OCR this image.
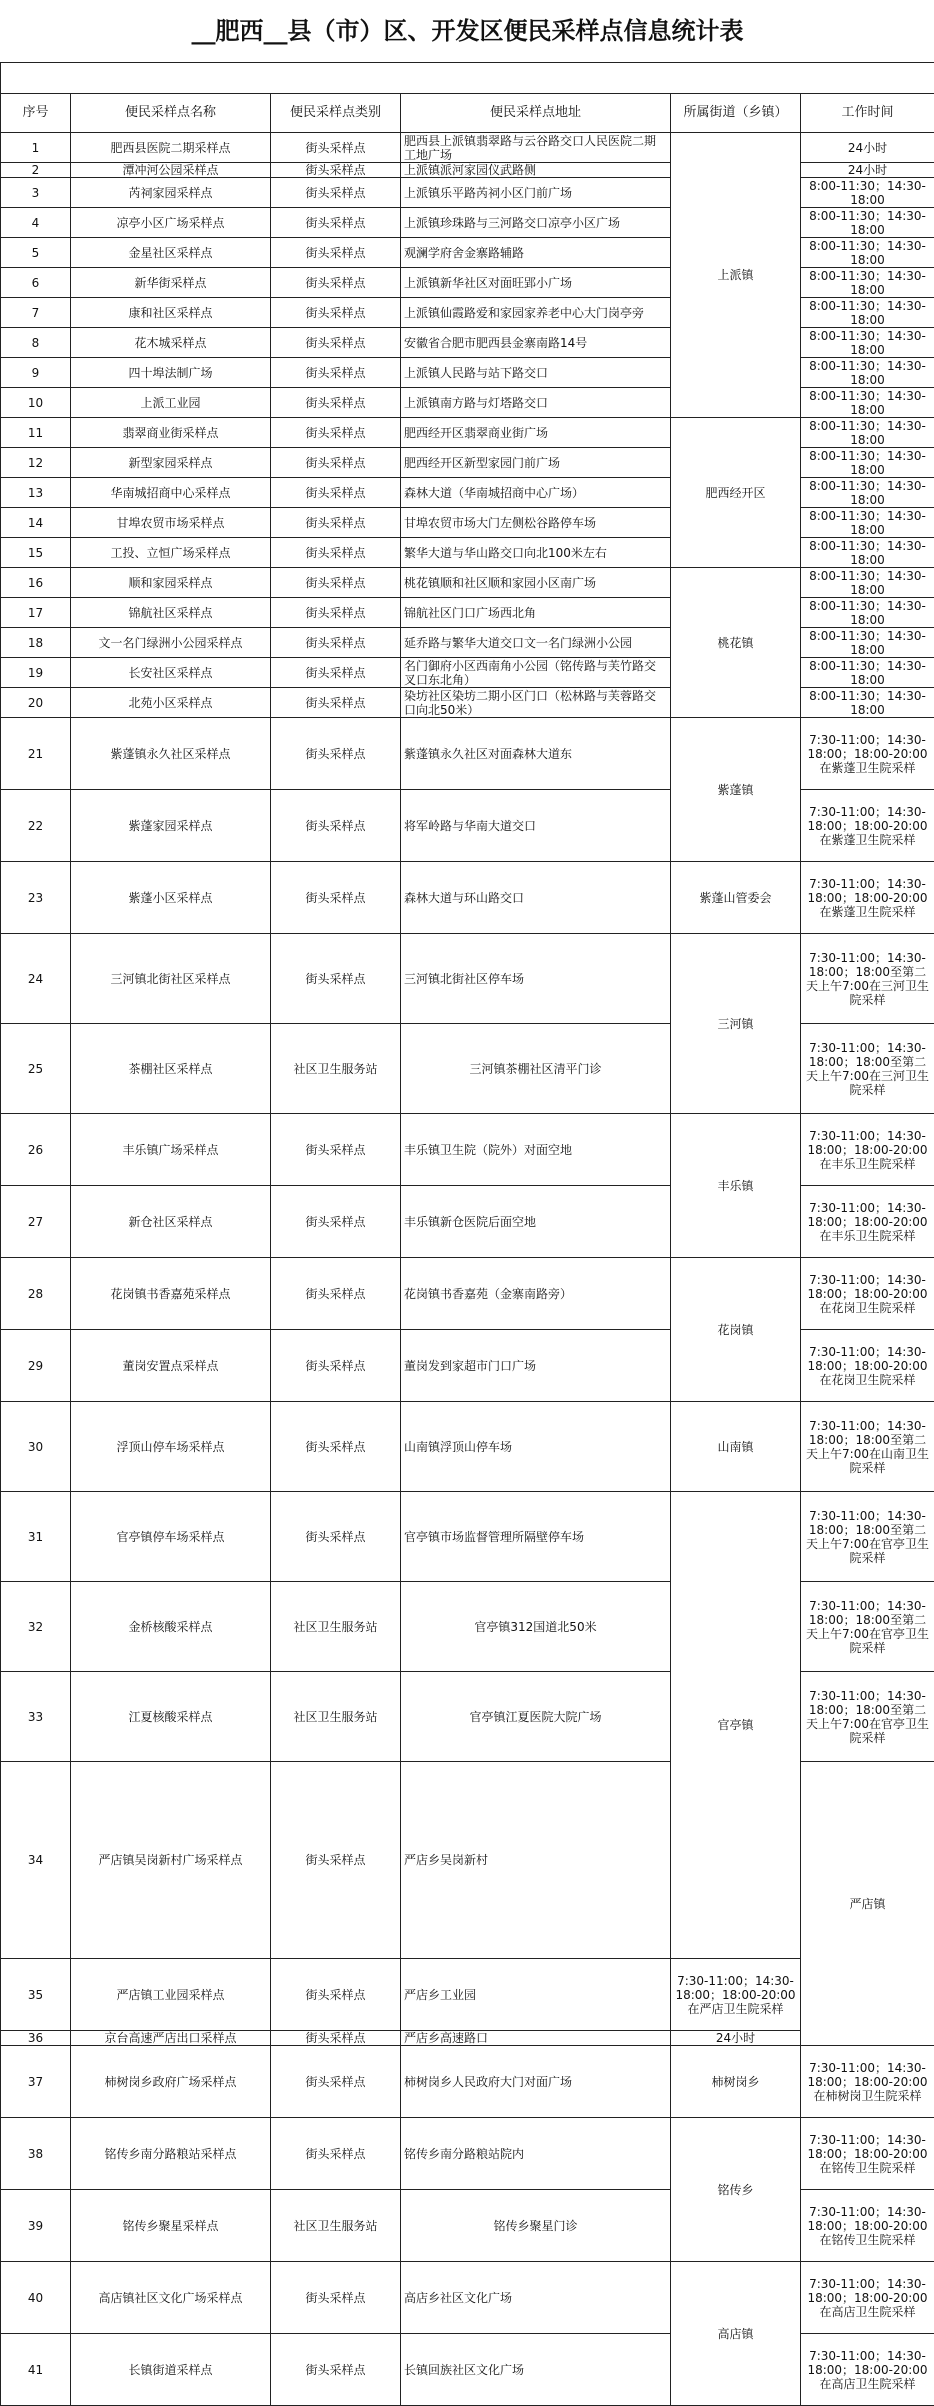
__肥西__县（市）区、开发区便民采样点信息统计表						

序号	便民采样点名称	便民采样点类别	便民采样点地址	所属街道（乡镇）	工作时间	
1	肥西县医院二期采样点	街头采样点	肥西县上派镇翡翠路与云谷路交口人民医院二期工地广场	上派镇	24小时	
2	潭冲河公园采样点	街头采样点	上派镇派河家园仪武路侧		24小时	
3	芮祠家园采样点	街头采样点	上派镇乐平路芮祠小区门前广场		8:00-11:30；14:30-18:00	
4	凉亭小区广场采样点	街头采样点	上派镇珍珠路与三河路交口凉亭小区广场		8:00-11:30；14:30-18:00	
5	金星社区采样点	街头采样点	观澜学府舍金寨路辅路		8:00-11:30；14:30-18:00	
6	新华街采样点	街头采样点	上派镇新华社区对面旺郢小广场		8:00-11:30；14:30-18:00	
7	康和社区采样点	街头采样点	上派镇仙霞路爱和家园家养老中心大门岗亭旁		8:00-11:30；14:30-18:00	
8	花木城采样点	街头采样点	安徽省合肥市肥西县金寨南路14号		8:00-11:30；14:30-18:00	
9	四十埠法制广场	街头采样点	上派镇人民路与站下路交口		8:00-11:30；14:30-18:00	
10	上派工业园	街头采样点	上派镇南方路与灯塔路交口		8:00-11:30；14:30-18:00	
11	翡翠商业街采样点	街头采样点	肥西经开区翡翠商业街广场	肥西经开区	8:00-11:30；14:30-18:00	
12	新型家园采样点	街头采样点	肥西经开区新型家园门前广场		8:00-11:30；14:30-18:00	
13	华南城招商中心采样点	街头采样点	森林大道（华南城招商中心广场）		8:00-11:30；14:30-18:00	
14	甘埠农贸市场采样点	街头采样点	甘埠农贸市场大门左侧松谷路停车场		8:00-11:30；14:30-18:00	
15	工投、立恒广场采样点	街头采样点	繁华大道与华山路交口向北100米左右		8:00-11:30；14:30-18:00	
16	顺和家园采样点	街头采样点	桃花镇顺和社区顺和家园小区南广场	桃花镇	8:00-11:30；14:30-18:00	
17	锦航社区采样点	街头采样点	锦航社区门口广场西北角		8:00-11:30；14:30-18:00	
18	文一名门绿洲小公园采样点	街头采样点	延乔路与繁华大道交口文一名门绿洲小公园		8:00-11:30；14:30-18:00	
19	长安社区采样点	街头采样点	名门御府小区西南角小公园（铭传路与芙竹路交叉口东北角）		8:00-11:30；14:30-18:00	
20	北苑小区采样点	街头采样点	染坊社区染坊二期小区门口（松林路与芙蓉路交口向北50米）		8:00-11:30；14:30-18:00	
21	紫蓬镇永久社区采样点	街头采样点	紫蓬镇永久社区对面森林大道东	紫蓬镇	7:30-11:00；14:30-18:00；18:00-20:00在紫蓬卫生院采样	
22	紫蓬家园采样点	街头采样点	将军岭路与华南大道交口		7:30-11:00；14:30-18:00；18:00-20:00在紫蓬卫生院采样	
23	紫蓬小区采样点	街头采样点	森林大道与环山路交口	紫蓬山管委会	7:30-11:00；14:30-18:00；18:00-20:00在紫蓬卫生院采样	
24	三河镇北街社区采样点	街头采样点	三河镇北街社区停车场	三河镇	7:30-11:00；14:30-18:00；18:00至第二天上午7:00在三河卫生院采样	
25	茶棚社区采样点	社区卫生服务站	三河镇茶棚社区清平门诊		7:30-11:00；14:30-18:00；18:00至第二天上午7:00在三河卫生院采样	
26	丰乐镇广场采样点	街头采样点	丰乐镇卫生院（院外）对面空地	丰乐镇	7:30-11:00；14:30-18:00；18:00-20:00在丰乐卫生院采样	
27	新仓社区采样点	街头采样点	丰乐镇新仓医院后面空地		7:30-11:00；14:30-18:00；18:00-20:00在丰乐卫生院采样	
28	花岗镇书香嘉苑采样点	街头采样点	花岗镇书香嘉苑（金寨南路旁）	花岗镇	7:30-11:00；14:30-18:00；18:00-20:00在花岗卫生院采样	
29	董岗安置点采样点	街头采样点	董岗发到家超市门口广场		7:30-11:00；14:30-18:00；18:00-20:00在花岗卫生院采样	
30	浮顶山停车场采样点	街头采样点	山南镇浮顶山停车场	山南镇	7:30-11:00；14:30-18:00；18:00至第二天上午7:00在山南卫生院采样	
31	官亭镇停车场采样点	街头采样点	官亭镇市场监督管理所隔壁停车场	官亭镇	7:30-11:00；14:30-18:00；18:00至第二天上午7:00在官亭卫生院采样	
32	金桥核酸采样点	社区卫生服务站	官亭镇312国道北50米		7:30-11:00；14:30-18:00；18:00至第二天上午7:00在官亭卫生院采样	
33	江夏核酸采样点	社区卫生服务站	官亭镇江夏医院大院广场		7:30-11:00；14:30-18:00；18:00至第二天上午7:00在官亭卫生院采样	
34	严店镇吴岗新村广场采样点	街头采样点	严店乡吴岗新村		严店镇	
35	严店镇工业园采样点	街头采样点	严店乡工业园	7:30-11:00；14:30-18:00；18:00-20:00在严店卫生院采样		
36	京台高速严店出口采样点	街头采样点	严店乡高速路口	24小时		
37	柿树岗乡政府广场采样点	街头采样点	柿树岗乡人民政府大门对面广场	柿树岗乡	7:30-11:00；14:30-18:00；18:00-20:00在柿树岗卫生院采样	
38	铭传乡南分路粮站采样点	街头采样点	铭传乡南分路粮站院内	铭传乡	7:30-11:00；14:30-18:00；18:00-20:00在铭传卫生院采样	
39	铭传乡聚星采样点	社区卫生服务站	铭传乡聚星门诊		7:30-11:00；14:30-18:00；18:00-20:00在铭传卫生院采样	
40	高店镇社区文化广场采样点	街头采样点	高店乡社区文化广场	高店镇	7:30-11:00；14:30-18:00；18:00-20:00在高店卫生院采样	
41	长镇街道采样点	街头采样点	长镇回族社区文化广场		7:30-11:00；14:30-18:00；18:00-20:00在高店卫生院采样	
